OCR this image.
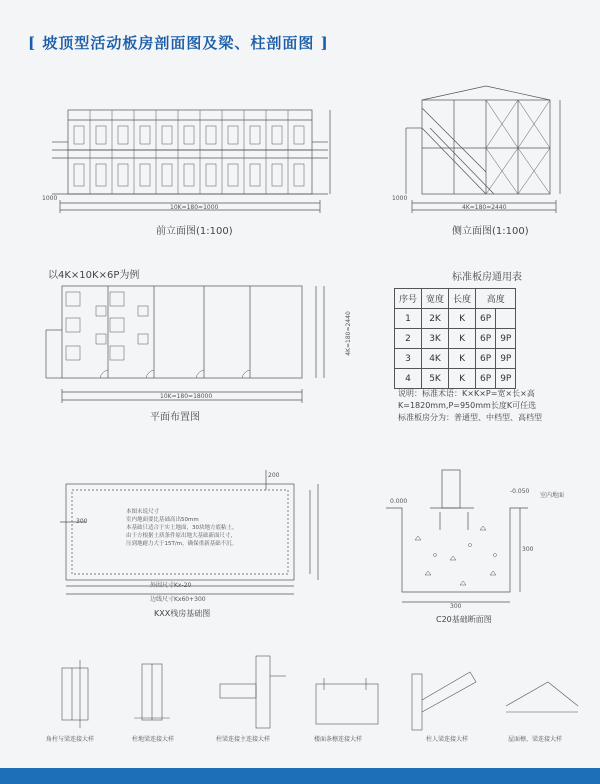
[ 坡顶型活动板房剖面图及梁、柱剖面图 ]
前立面图(1:100)	侧立面图(1:100)
以4K×10K×6P为例
平面布置图
1000
10K=180=1000
1000
4K=180=2440
10K=180=18000
4K=180=2440
标准板房通用表
序号	宽度	长度	高度	
1	2K	K	6P	
2	3K	K	6P	9P
3	4K	K	6P	9P
4	5K	K	6P	9P
说明：标准术语：K×K×P=宽×长×高
K=1820mm,P=950mm长度K可任选
标准板房分为：普通型、中档型、高档型
本图未说尺寸
室内地面要比基础高出50mm
本基础只适合于实土地面，30块地方底粘土，
由于方根据土质条件原出地大基础新面尺寸，
压到地耐力大于15T/m，确保重新基础不沉。
200
300
外围尺寸Kx-20
边线尺寸Kx60+300
KXX栈房基础图
0.000
-0.050
室内地面
300
300
C20基础断面图
角柱与梁连接大样	柱地梁连接大样	柱梁连接主连接大样	楼面条檩连接大样	柱人梁连接大样	屋面檩、梁连接大样
